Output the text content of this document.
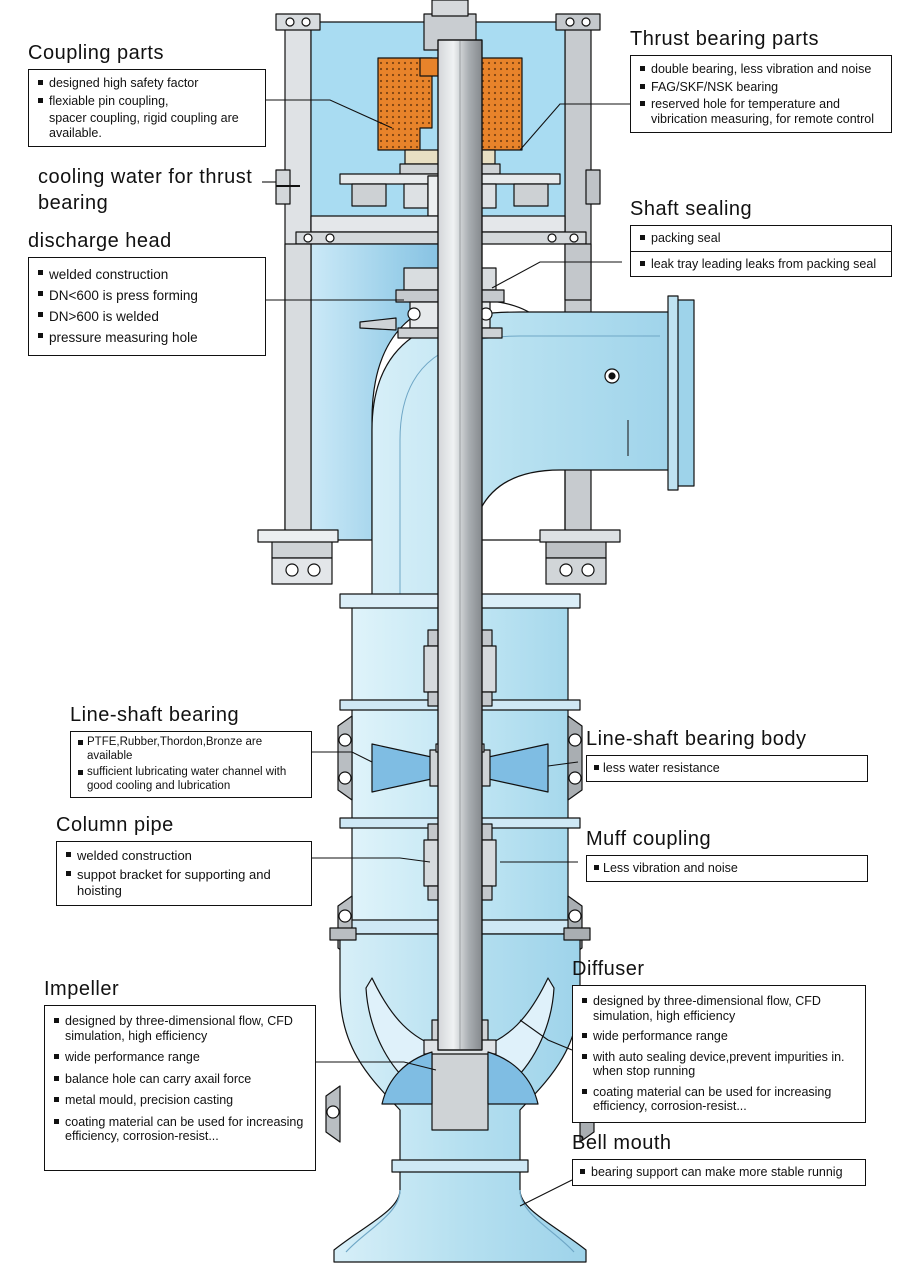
Coupling parts
designed high safety factor
flexiable pin coupling,
spacer coupling, rigid coupling are available.
cooling water for thrust bearing
discharge head
welded construction
DN<600 is press forming
DN>600 is welded
pressure measuring hole
Thrust bearing parts
double bearing, less vibration and noise
FAG/SKF/NSK bearing
reserved hole for temperature and vibrication measuring, for remote control
Shaft sealing
packing seal
leak tray leading leaks from packing seal
Line-shaft bearing
PTFE,Rubber,Thordon,Bronze are available
sufficient lubricating water channel with good cooling and lubrication
Line-shaft bearing body
less water resistance
Column pipe
welded construction
suppot bracket for supporting and hoisting
Muff coupling
Less vibration and noise
Impeller
designed by three-dimensional flow, CFD simulation, high efficiency
wide performance range
balance hole can carry axail force
metal mould, precision casting
coating material can be used for increasing efficiency, corrosion-resist...
Diffuser
designed by three-dimensional flow, CFD simulation, high efficiency
wide performance range
with auto sealing device,prevent impurities in. when stop running
coating material can be used for increasing efficiency, corrosion-resist...
Bell mouth
bearing support can make more stable runnig
